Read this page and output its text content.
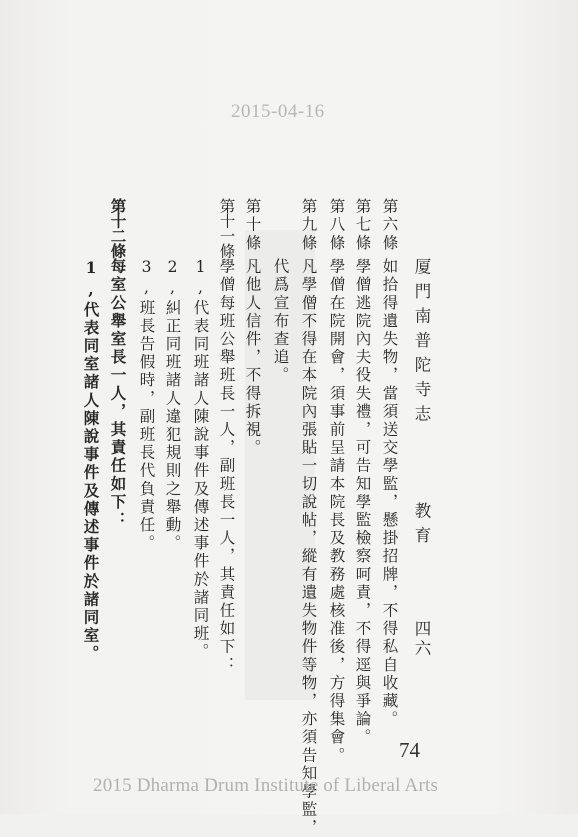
2015-04-16
厦門南普陀寺志
教育
四六
第六條
如拾得遺失物，當須送交學監，懸掛招牌，不得私自收藏。
第七條
學僧逃院內夫役失禮，可告知學監檢察呵責，不得逕與爭論。
第八條
學僧在院開會，須事前呈請本院長及教務處核准後，方得集會。
第九條
凡學僧不得在本院內張貼一切說帖，縱有遺失物件等物，亦須告知學監，
代爲宣布查追。
第十條
凡他人信件，不得拆視。
第十一條
學僧每班公舉班長一人，副班長一人，其責任如下：
1,代表同班諸人陳說事件及傳述事件於諸同班。
2,糾正同班諸人違犯規則之舉動。
3,班長告假時，副班長代負責任。
第十二條
每室公舉室長一人，其責任如下：
1,代表同室諸人陳說事件及傳述事件於諸同室。
74
2015 Dharma Drum Institute of Liberal Arts
